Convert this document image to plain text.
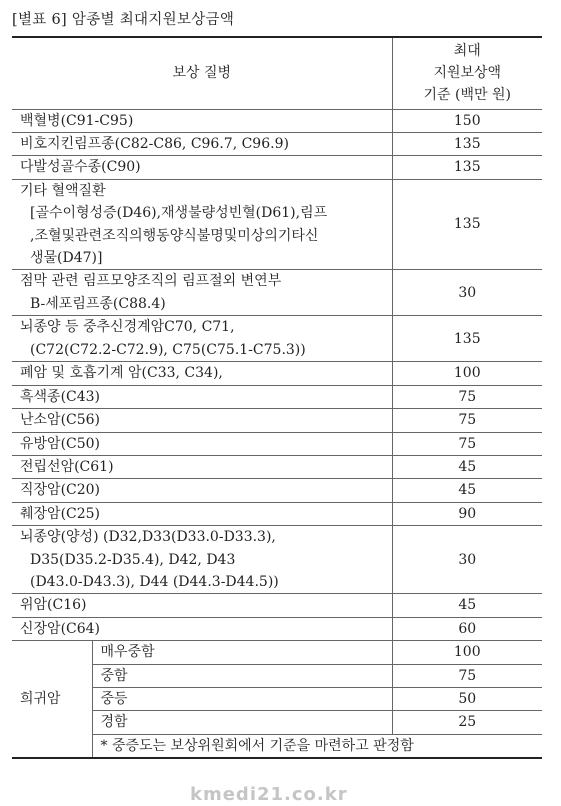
[별표 6] 암종별 최대지원보상금액
보상 질병		최대
지원보상액
기준 (백만 원)

백혈병(C91-C95)		150

비호지킨림프종(C82-C86, C96.7, C96.9)		135

다발성골수종(C90)		135

기타 혈액질환
[골수이형성증(D46),재생불량성빈혈(D61),림프
,조혈및관련조직의행동양식불명및미상의기타신
생물(D47)]		135

점막 관련 림프모양조직의 림프절외 변연부
B-세포림프종(C88.4)		30

뇌종양 등 중추신경계암C70, C71,
(C72(C72.2-C72.9), C75(C75.1-C75.3))		135

폐암 및 호흡기계 암(C33, C34),		100

흑색종(C43)		75

난소암(C56)		75

유방암(C50)		75

전립선암(C61)		45

직장암(C20)		45

췌장암(C25)		90

뇌종양(양성) (D32,D33(D33.0-D33.3),
D35(D35.2-D35.4), D42, D43
(D43.0-D43.3), D44 (D44.3-D44.5))		30

위암(C16)		45

신장암(C64)		60
희귀암	매우중함	100
	중함	75
	중등	50
	경함	25
	* 중증도는 보상위원회에서 기준을 마련하고 판정함	
kmedi21.co.kr
